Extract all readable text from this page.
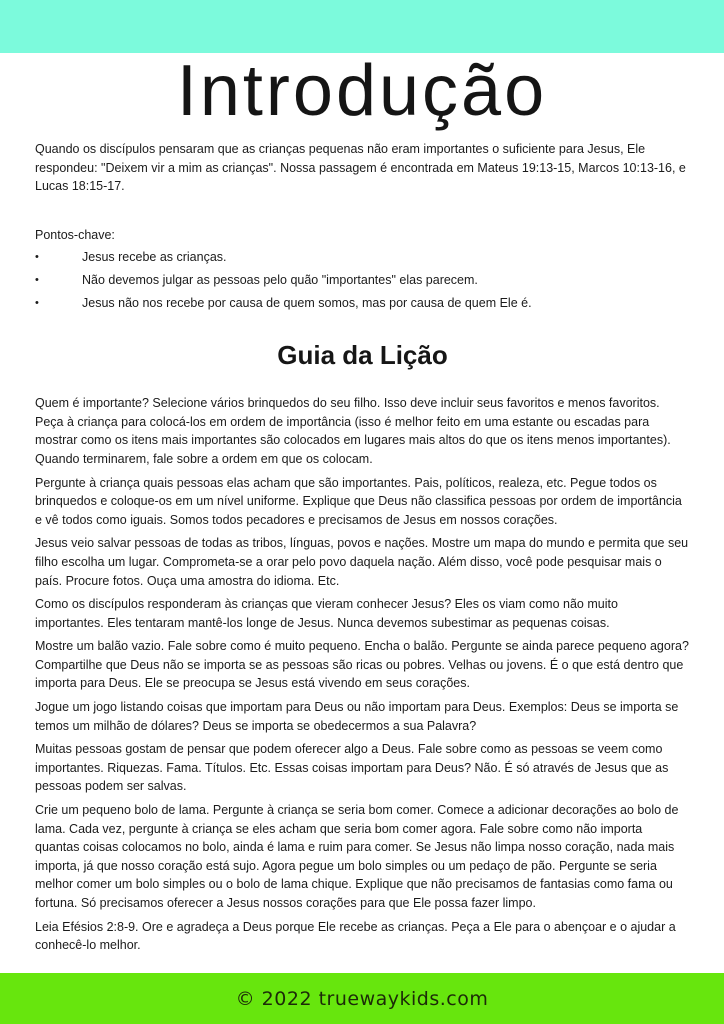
Introdução

Quando os discípulos pensaram que as crianças pequenas não eram importantes o suficiente para Jesus, Ele respondeu: "Deixem vir a mim as crianças". Nossa passagem é encontrada em Mateus 19:13-15, Marcos 10:13-16, e Lucas 18:15-17.

Pontos-chave:

•	Jesus recebe as crianças.
•	Não devemos julgar as pessoas pelo quão "importantes" elas parecem.
•	Jesus não nos recebe por causa de quem somos, mas por causa de quem Ele é.
Guia da Lição

Quem é importante? Selecione vários brinquedos do seu filho. Isso deve incluir seus favoritos e menos favoritos. Peça à criança para colocá-los em ordem de importância (isso é melhor feito em uma estante ou escadas para mostrar como os itens mais importantes são colocados em lugares mais altos do que os itens menos importantes). Quando terminarem, fale sobre a ordem em que os colocam.

Pergunte à criança quais pessoas elas acham que são importantes. Pais, políticos, realeza, etc. Pegue todos os brinquedos e coloque-os em um nível uniforme. Explique que Deus não classifica pessoas por ordem de importância e vê todos como iguais. Somos todos pecadores e precisamos de Jesus em nossos corações.

Jesus veio salvar pessoas de todas as tribos, línguas, povos e nações. Mostre um mapa do mundo e permita que seu filho escolha um lugar. Comprometa-se a orar pelo povo daquela nação. Além disso, você pode pesquisar mais o país. Procure fotos. Ouça uma amostra do idioma. Etc.

Como os discípulos responderam às crianças que vieram conhecer Jesus? Eles os viam como não muito importantes. Eles tentaram mantê-los longe de Jesus. Nunca devemos subestimar as pequenas coisas.

Mostre um balão vazio. Fale sobre como é muito pequeno. Encha o balão. Pergunte se ainda parece pequeno agora? Compartilhe que Deus não se importa se as pessoas são ricas ou pobres. Velhas ou jovens. É o que está dentro que importa para Deus. Ele se preocupa se Jesus está vivendo em seus corações.

Jogue um jogo listando coisas que importam para Deus ou não importam para Deus. Exemplos: Deus se importa se temos um milhão de dólares? Deus se importa se obedecermos a sua Palavra?

Muitas pessoas gostam de pensar que podem oferecer algo a Deus. Fale sobre como as pessoas se veem como importantes. Riquezas. Fama. Títulos. Etc. Essas coisas importam para Deus? Não. É só através de Jesus que as pessoas podem ser salvas.

Crie um pequeno bolo de lama. Pergunte à criança se seria bom comer. Comece a adicionar decorações ao bolo de lama. Cada vez, pergunte à criança se eles acham que seria bom comer agora. Fale sobre como não importa quantas coisas colocamos no bolo, ainda é lama e ruim para comer. Se Jesus não limpa nosso coração, nada mais importa, já que nosso coração está sujo. Agora pegue um bolo simples ou um pedaço de pão. Pergunte se seria melhor comer um bolo simples ou o bolo de lama chique. Explique que não precisamos de fantasias como fama ou fortuna. Só precisamos oferecer a Jesus nossos corações para que Ele possa fazer limpo.

Leia Efésios 2:8-9. Ore e agradeça a Deus porque Ele recebe as crianças. Peça a Ele para o abençoar e o ajudar a conhecê-lo melhor.

© 2022 truewaykids.com
